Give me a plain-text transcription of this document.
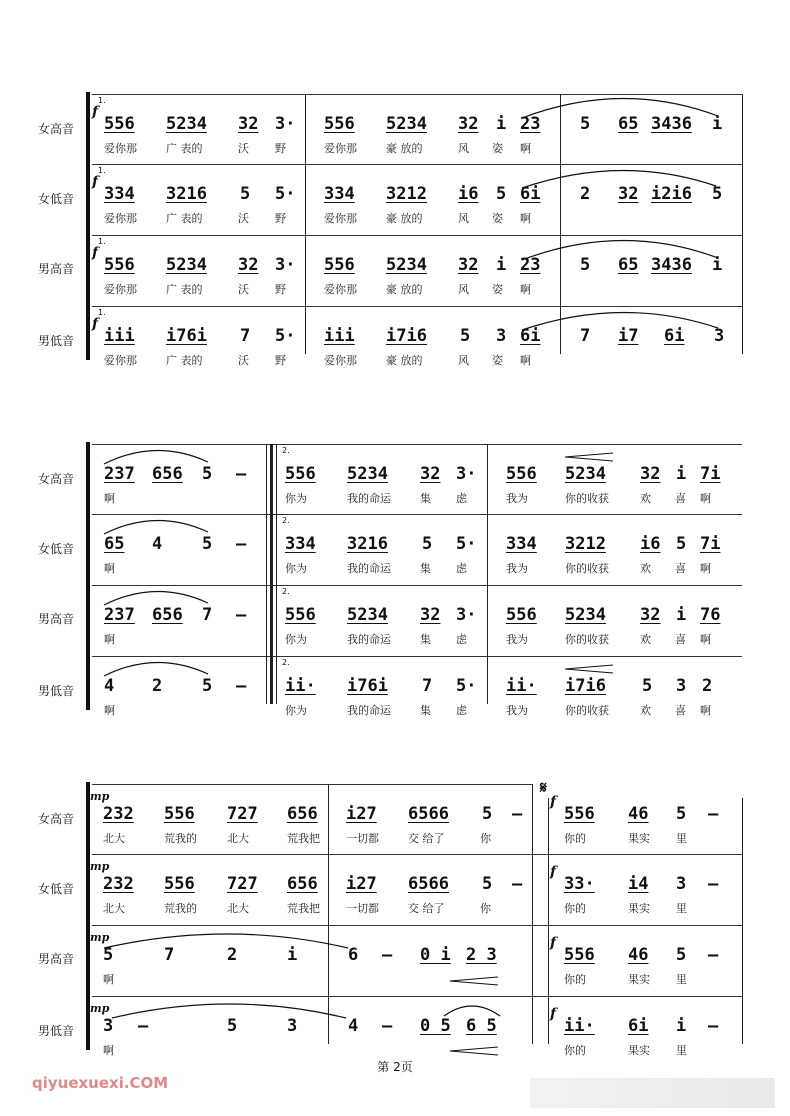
女高音
女低音
男高音
男低音
1.
f
556 5234 32 3·
爱你那	广 表的	沃 野
556 5234 32 i 23
爱你那	豪 放的	风 姿 啊
5 65 3436 i
1.
f
334 3216 5 5·
爱你那	广 表的	沃 野
334 3212 i6 5 6i
爱你那	豪 放的	风 姿 啊
2 32 i2i6 5
1.
f
556 5234 32 3·
爱你那	广 表的	沃 野
556 5234 32 i 23
爱你那	豪 放的	风 姿 啊
5 65 3436 i
1.
f
iii i76i 7 5·
爱你那	广 表的	沃 野
iii i7i6 5 3 6i
爱你那	豪 放的	风 姿 啊
7 i7 6i 3
女高音
女低音
男高音
男低音
237 656 5 –
啊
2.
556 5234 32 3·
你为	我的命运	集 虑
556 5234 32 i 7i
我为	你的收获	欢 喜 啊
65 4 5 –
啊
2.
334 3216 5 5·
你为	我的命运	集 虑
334 3212 i6 5 7i
我为	你的收获	欢 喜 啊
237 656 7 –
啊
2.
556 5234 32 3·
你为	我的命运	集 虑
556 5234 32 i 76
我为	你的收获	欢 喜 啊
4 2 5 –
啊
2.
ii· i76i 7 5·
你为	我的命运	集 虑
ii· i7i6 5 3 2
我为	你的收获	欢 喜 啊
女高音
女低音
男高音
男低音
𝄋
mp
232 556 727 656
北大	荒我的	北大	荒我把
i27 6566 5 –
一切都	交 给了	你
f
556 46 5 –
你的	果实 里
mp
232 556 727 656
北大	荒我的	北大	荒我把
i27 6566 5 –
一切都	交 给了	你
f
33· i4 3 –
你的	果实 里
mp
5	7	2	i
啊
6 – 0 i 2 3
f
556 46 5 –
你的	果实 里
mp
3 –	5	3
啊
4 – 0 5 6 5
f
ii· 6i i –
你的	果实 里
第 2页
qiyuexuexi.COM
